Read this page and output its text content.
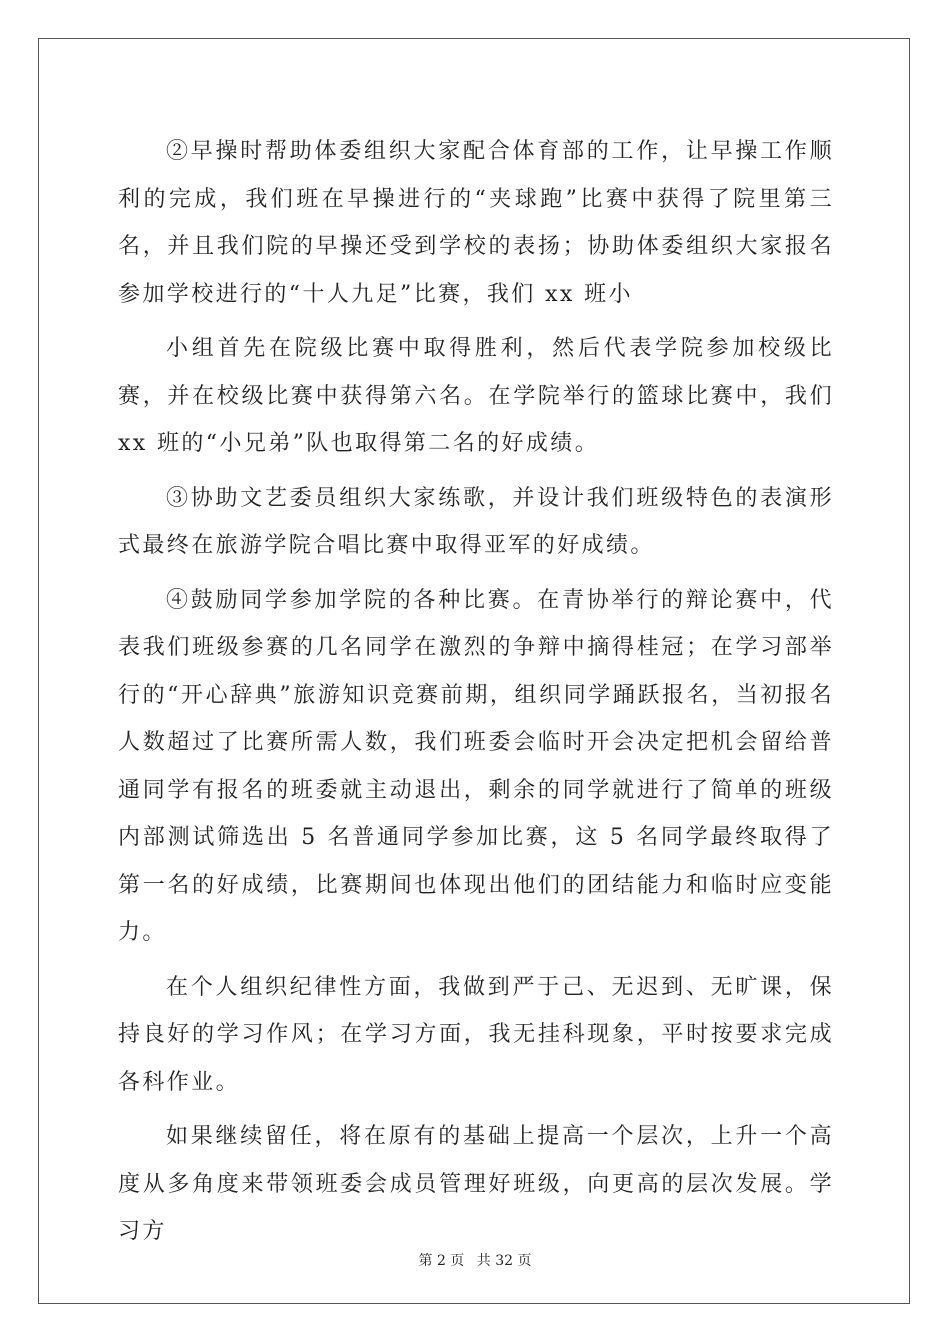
②早操时帮助体委组织大家配合体育部的工作，让早操工作顺利的完成，我们班在早操进行的“夹球跑”比赛中获得了院里第三名，并且我们院的早操还受到学校的表扬；协助体委组织大家报名参加学校进行的“十人九足”比赛，我们 xx 班小

小组首先在院级比赛中取得胜利，然后代表学院参加校级比赛，并在校级比赛中获得第六名。在学院举行的篮球比赛中，我们 xx 班的“小兄弟”队也取得第二名的好成绩。

③协助文艺委员组织大家练歌，并设计我们班级特色的表演形式最终在旅游学院合唱比赛中取得亚军的好成绩。

④鼓励同学参加学院的各种比赛。在青协举行的辩论赛中，代表我们班级参赛的几名同学在激烈的争辩中摘得桂冠；在学习部举行的“开心辞典”旅游知识竞赛前期，组织同学踊跃报名，当初报名人数超过了比赛所需人数，我们班委会临时开会决定把机会留给普通同学有报名的班委就主动退出，剩余的同学就进行了简单的班级内部测试筛选出 5 名普通同学参加比赛，这 5 名同学最终取得了第一名的好成绩，比赛期间也体现出他们的团结能力和临时应变能力。

在个人组织纪律性方面，我做到严于己、无迟到、无旷课，保持良好的学习作风；在学习方面，我无挂科现象，平时按要求完成各科作业。

如果继续留任，将在原有的基础上提高一个层次，上升一个高度从多角度来带领班委会成员管理好班级，向更高的层次发展。学习方

第 2 页 共 32 页
